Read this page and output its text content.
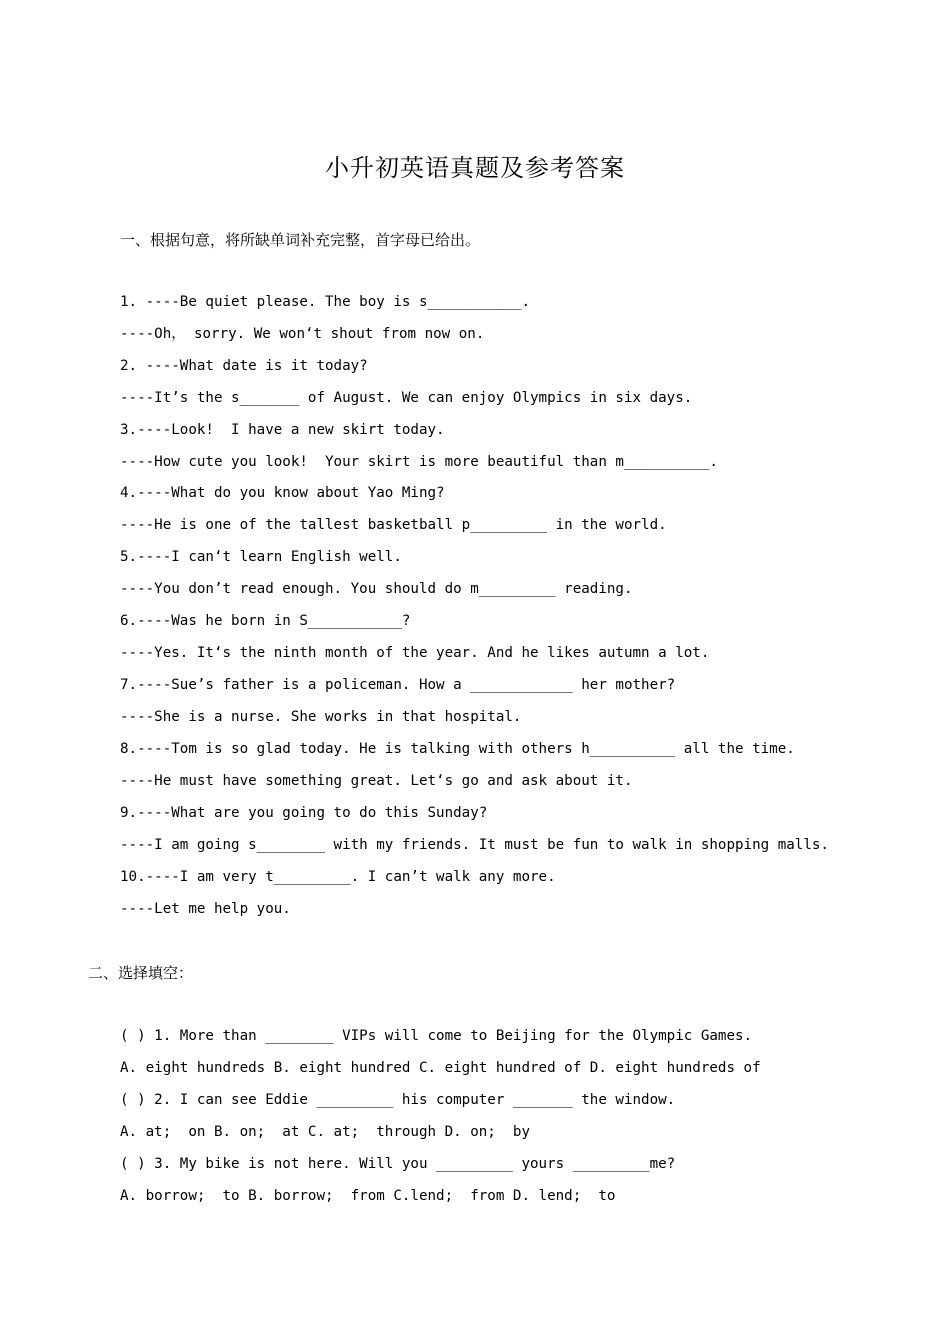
小升初英语真题及参考答案

一、根据句意，将所缺单词补充完整，首字母已给出。

1. ----Be quiet please. The boy is s___________.
----Oh， sorry. We won‘t shout from now on.
2. ----What date is it today?
----It’s the s_______ of August. We can enjoy Olympics in six days.
3.----Look!  I have a new skirt today.
----How cute you look!  Your skirt is more beautiful than m__________.
4.----What do you know about Yao Ming?
----He is one of the tallest basketball p_________ in the world.
5.----I can‘t learn English well.
----You don’t read enough. You should do m_________ reading.
6.----Was he born in S___________?
----Yes. It‘s the ninth month of the year. And he likes autumn a lot.
7.----Sue’s father is a policeman. How a ____________ her mother?
----She is a nurse. She works in that hospital.
8.----Tom is so glad today. He is talking with others h__________ all the time.
----He must have something great. Let‘s go and ask about it.
9.----What are you going to do this Sunday?
----I am going s________ with my friends. It must be fun to walk in shopping malls.
10.----I am very t_________. I can’t walk any more.
----Let me help you.

二、选择填空：

( ) 1. More than ________ VIPs will come to Beijing for the Olympic Games.
A. eight hundreds B. eight hundred C. eight hundred of D. eight hundreds of
( ) 2. I can see Eddie _________ his computer _______ the window.
A. at;  on B. on;  at C. at;  through D. on;  by
( ) 3. My bike is not here. Will you _________ yours _________me?
A. borrow;  to B. borrow;  from C.lend;  from D. lend;  to
